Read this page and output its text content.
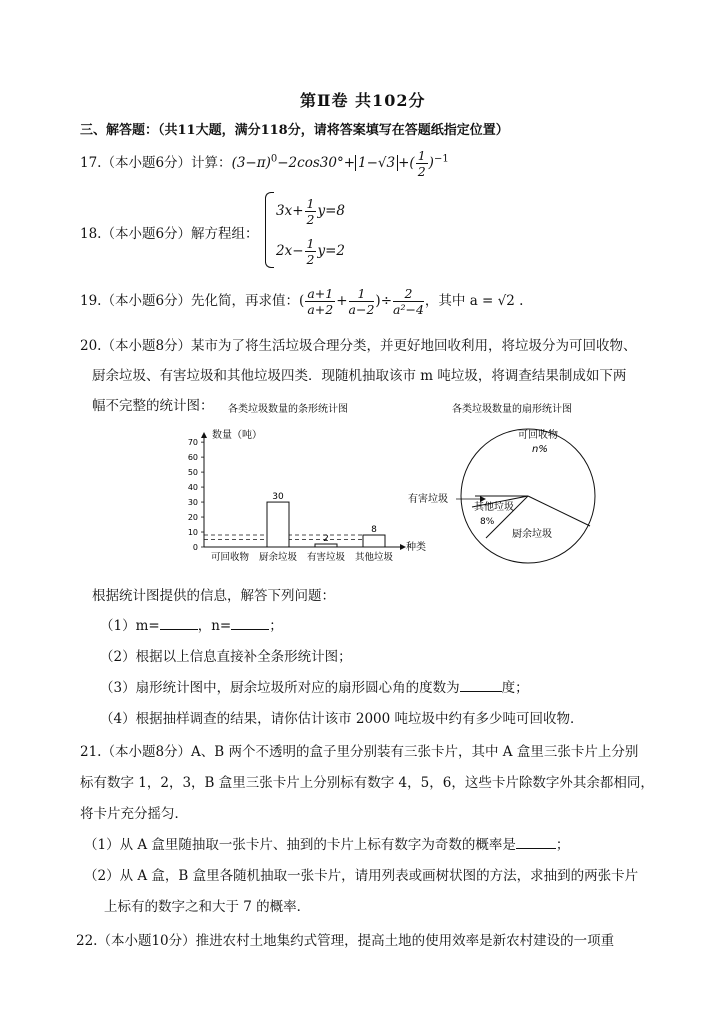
第Ⅱ卷 共102分
三、解答题：（共11大题，满分118分，请将答案填写在答题纸指定位置）
17.（本小题6分）计算：$(3-\pi)^0-2\cos 30^\circ+ 1-√3$ +( $\frac{1}{2} )^{-1}$
18.（本小题6分）解方程组：
$3x+ \frac{1}{2} y=8$
$2x- \frac{1}{2} y=2$
19.（本小题6分）先化简，再求值：( $\frac{a+1}{a+2} + \frac{1}{a-2}$ )÷ $\frac{2}{\text{a²−4}}$ ，其中 a = √2 .
20.（本小题8分）某市为了将生活垃圾合理分类，并更好地回收利用，将垃圾分为可回收物、
厨余垃圾、有害垃圾和其他垃圾四类．现随机抽取该市 m 吨垃圾，将调查结果制成如下两
幅不完整的统计图： 各类垃圾数量的条形统计图
数量（吨）
0
10
20
30
40
50
60
70
30
2
8
可回收物 厨余垃圾 有害垃圾 其他垃圾
种类
各类垃圾数量的扇形统计图
可回收物
n%
有害垃圾
其他垃圾
8%
厨余垃圾
根据统计图提供的信息，解答下列问题：
（1）m=	，n=	；
（2）根据以上信息直接补全条形统计图；
（3）扇形统计图中，厨余垃圾所对应的扇形圆心角的度数为	度；
（4）根据抽样调查的结果，请你估计该市 2000 吨垃圾中约有多少吨可回收物．
21.（本小题8分）A、B 两个不透明的盒子里分别装有三张卡片，其中 A 盒里三张卡片上分别
标有数字 1，2，3，B 盒里三张卡片上分别标有数字 4，5，6，这些卡片除数字外其余都相同，
将卡片充分摇匀．
（1）从 A 盒里随抽取一张卡片、抽到的卡片上标有数字为奇数的概率是	；
（2）从 A 盒，B 盒里各随机抽取一张卡片，请用列表或画树状图的方法，求抽到的两张卡片
上标有的数字之和大于 7 的概率．
22.（本小题10分）推进农村土地集约式管理，提高土地的使用效率是新农村建设的一项重
